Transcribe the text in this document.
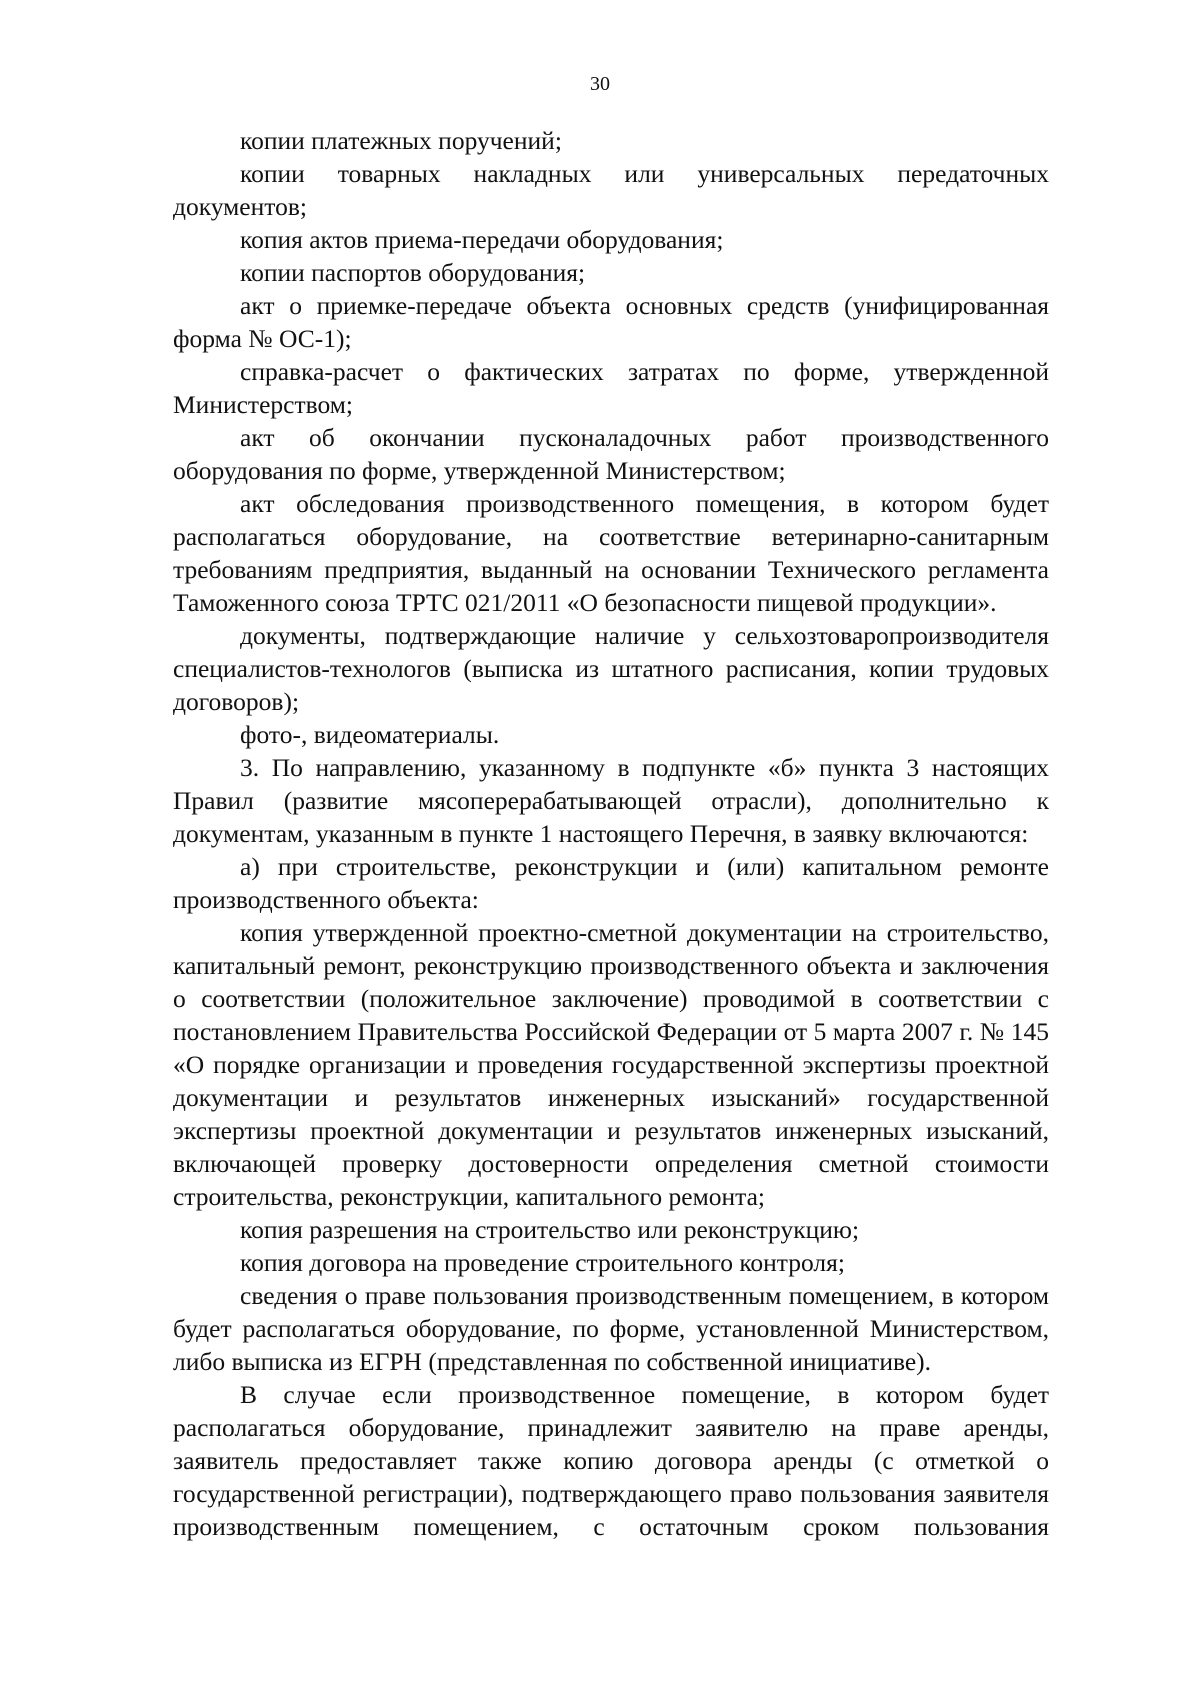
30

копии платежных поручений;

копии товарных накладных или универсальных передаточных документов;

копия актов приема-передачи оборудования;

копии паспортов оборудования;

акт о приемке-передаче объекта основных средств (унифицированная форма № ОС-1);

справка-расчет о фактических затратах по форме, утвержденной Министерством;

акт об окончании пусконаладочных работ производственного оборудования по форме, утвержденной Министерством;

акт обследования производственного помещения, в котором будет располагаться оборудование, на соответствие ветеринарно-санитарным требованиям предприятия, выданный на основании Технического регламента Таможенного союза ТРТС 021/2011 «О безопасности пищевой продукции».

документы, подтверждающие наличие у сельхозтоваропроизводителя специалистов-технологов (выписка из штатного расписания, копии трудовых договоров);

фото-, видеоматериалы.

3. По направлению, указанному в подпункте «б» пункта 3 настоящих Правил (развитие мясоперерабатывающей отрасли), дополнительно к документам, указанным в пункте 1 настоящего Перечня, в заявку включаются:

а) при строительстве, реконструкции и (или) капитальном ремонте производственного объекта:

копия утвержденной проектно-сметной документации на строительство, капитальный ремонт, реконструкцию производственного объекта и заключения о соответствии (положительное заключение) проводимой в соответствии с постановлением Правительства Российской Федерации от 5 марта 2007 г. № 145 «О порядке организации и проведения государственной экспертизы проектной документации и результатов инженерных изысканий» государственной экспертизы проектной документации и результатов инженерных изысканий, включающей проверку достоверности определения сметной стоимости строительства, реконструкции, капитального ремонта;

копия разрешения на строительство или реконструкцию;

копия договора на проведение строительного контроля;

сведения о праве пользования производственным помещением, в котором будет располагаться оборудование, по форме, установленной Министерством, либо выписка из ЕГРН (представленная по собственной инициативе).

В случае если производственное помещение, в котором будет располагаться оборудование, принадлежит заявителю на праве аренды, заявитель предоставляет также копию договора аренды (с отметкой о государственной регистрации), подтверждающего право пользования заявителя производственным помещением, с остаточным сроком пользования
